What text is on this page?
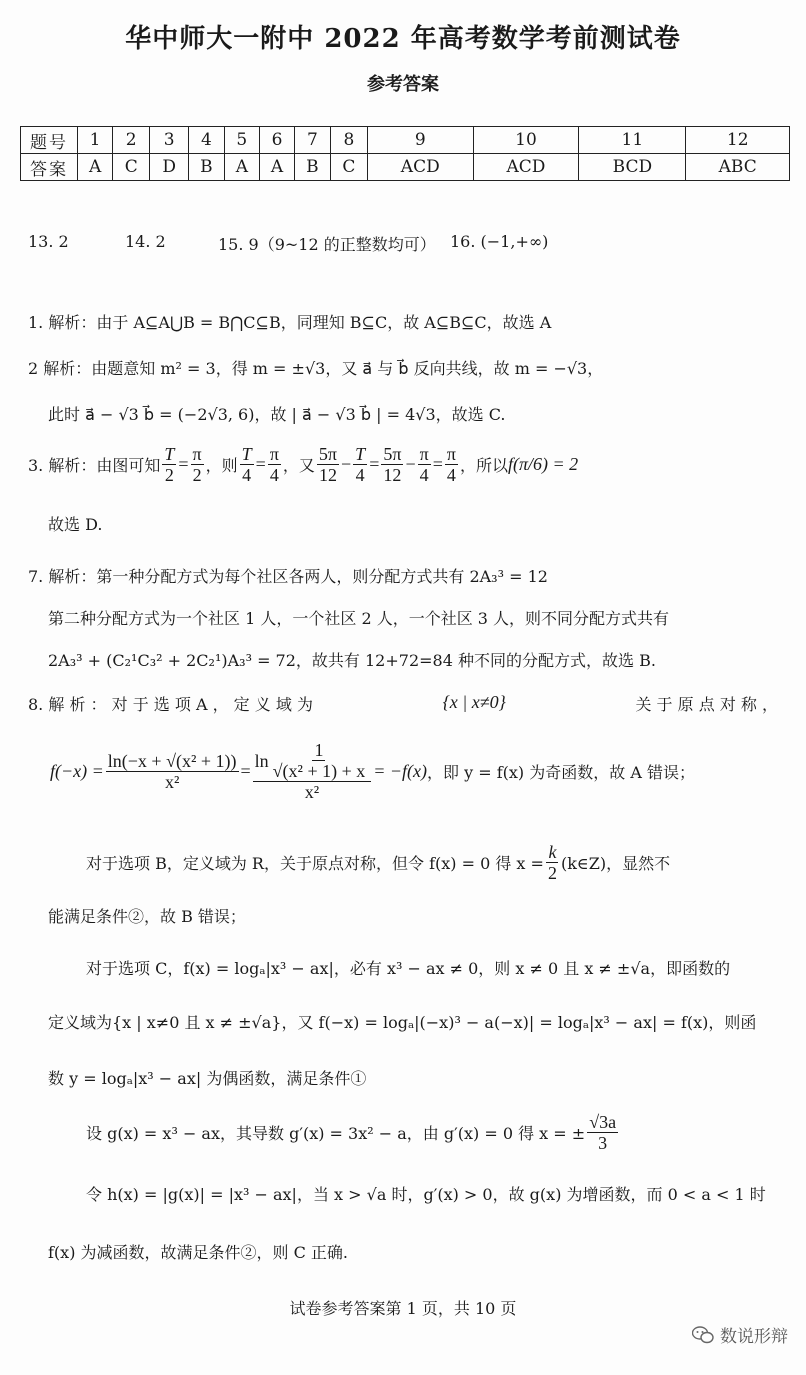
华中师大一附中 2022 年高考数学考前测试卷
参考答案
题号	1	2	3	4	5	6	7	8	9	10	11	12
答案	A	C	D	B	A	A	B	C	ACD	ACD	BCD	ABC
13. 2	14. 2	15. 9（9~12 的正整数均可） 16. (−1,+∞)
1. 解析：由于 A⊆A⋃B = B⋂C⊆B，同理知 B⊆C，故 A⊆B⊆C，故选 A
2 解析：由题意知 m² = 3，得 m = ±√3，又 a⃗ 与 b⃗ 反向共线，故 m = −√3，
此时 a⃗ − √3 b⃗ = (−2√3, 6)，故 | a⃗ − √3 b⃗ | = 4√3，故选 C.
3. 解析：由图可知 $\frac{T}{2} = \frac{\pi}{2}$ ，则 $\frac{T}{4} = \frac{\pi}{4}$ ，又 $\frac{5\pi}{12} - \frac{T}{4} = \frac{5\pi}{12} - \frac{\pi}{4} = \frac{\pi}{4}$ ，所以 f(π/6) = 2
故选 D.
7. 解析：第一种分配方式为每个社区各两人，则分配方式共有 2A₃³ = 12
第二种分配方式为一个社区 1 人，一个社区 2 人，一个社区 3 人，则不同分配方式共有
2A₃³ + (C₂¹C₃² + 2C₂¹)A₃³ = 72，故共有 12+72=84 种不同的分配方式，故选 B.
8. 解 析 ： 对 于 选 项 A ， 定 义 域 为	{x | x≠0}	关 于 原 点 对 称 ，
$f(-x) = \frac{\text{ln(−x + √(x² + 1))}}{\text{x²}} = \frac{\ln \frac{1}{\text{√(x² + 1) + x}}}{\text{x²}} = -f(x)$ ，即 y = f(x) 为奇函数，故 A 错误；
对于选项 B，定义域为 R，关于原点对称，但令 f(x) = 0 得 $x = \frac{k}{2}$ (k∈Z)，显然不
能满足条件②，故 B 错误；
对于选项 C，f(x) = logₐ|x³ − ax|，必有 x³ − ax ≠ 0，则 x ≠ 0 且 x ≠ ±√a，即函数的
定义域为{x | x≠0 且 x ≠ ±√a}，又 f(−x) = logₐ|(−x)³ − a(−x)| = logₐ|x³ − ax| = f(x)，则函
数 y = logₐ|x³ − ax| 为偶函数，满足条件①
设 g(x) = x³ − ax，其导数 g′(x) = 3x² − a，由 g′(x) = 0 得 x = ± $\frac{√3a}{3}$
令 h(x) = |g(x)| = |x³ − ax|，当 x > √a 时，g′(x) > 0，故 g(x) 为增函数，而 0 < a < 1 时
f(x) 为减函数，故满足条件②，则 C 正确.
试卷参考答案第 1 页，共 10 页
数说形辩
